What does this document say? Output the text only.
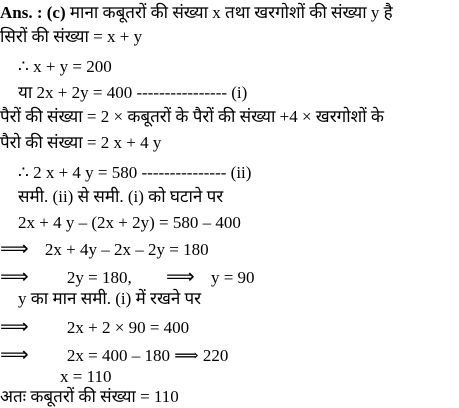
Ans. : (c) माना कबूतरों की संख्या x तथा खरगोशों की संख्या y है
सिरों की संख्या = x + y
∴ x + y = 200
या 2x + 2y = 400 ---------------- (i)
पैरों की संख्या = 2 × कबूतरों के पैरों की संख्या +4 × खरगोशों के
पैरो की संख्या = 2 x + 4 y
∴ 2 x + 4 y = 580 --------------- (ii)
समी. (ii) से समी. (i) को घटाने पर
2x + 4 y – (2x + 2y) = 580 – 400
⟹ 2x + 4y – 2x – 2y = 180
⟹ 2y = 180, ⟹ y = 90
y का मान समी. (i) में रखने पर
⟹ 2x + 2 × 90 = 400
⟹ 2x = 400 – 180 ⟹ 220
x = 110
अतः कबूतरों की संख्या = 110
